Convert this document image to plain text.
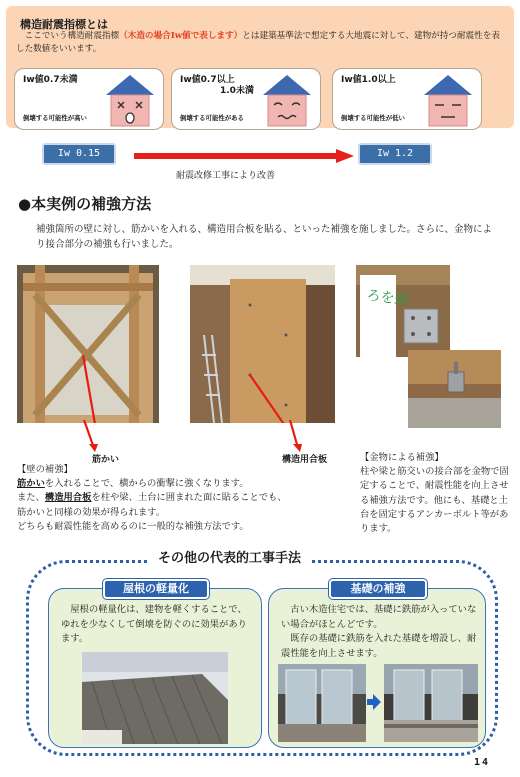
構造耐震指標とは
ここでいう構造耐震指標（木造の場合Iw値で表します）とは建築基準法で想定する大地震に対して、建物が持つ耐震性を表した数値をいいます。
Iw値0.7未満
倒壊する可能性が高い
Iw値0.7以上
1.0未満
倒壊する可能性がある
Iw値1.0以上
倒壊する可能性が低い
Iw 0.15	Iw 1.2
耐震改修工事により改善
●本実例の補強方法
補強箇所の壁に対し、筋かいを入れる、構造用合板を貼る、といった補強を施しました。さらに、金物により接合部分の補強も行いました。
ろを頭
筋かい	構造用合板
【壁の補強】
筋かいを入れることで、横からの衝撃に強くなります。
また、構造用合板を柱や梁、土台に囲まれた面に貼ることでも、
筋かいと同様の効果が得られます。
どちらも耐震性能を高めるのに一般的な補強方法です。
【金物による補強】
柱や梁と筋交いの接合部を金物で固定することで、耐震性能を向上させる補強方法です。他にも、基礎と土台を固定するアンカーボルト等があります。
その他の代表的工事手法
屋根の軽量化
屋根の軽量化は、建物を軽くすることで、ゆれを少なくして倒壊を防ぐのに効果があります。
基礎の補強
古い木造住宅では、基礎に鉄筋が入っていない場合がほとんどです。
既存の基礎に鉄筋を入れた基礎を増設し、耐震性能を向上させます。
14
